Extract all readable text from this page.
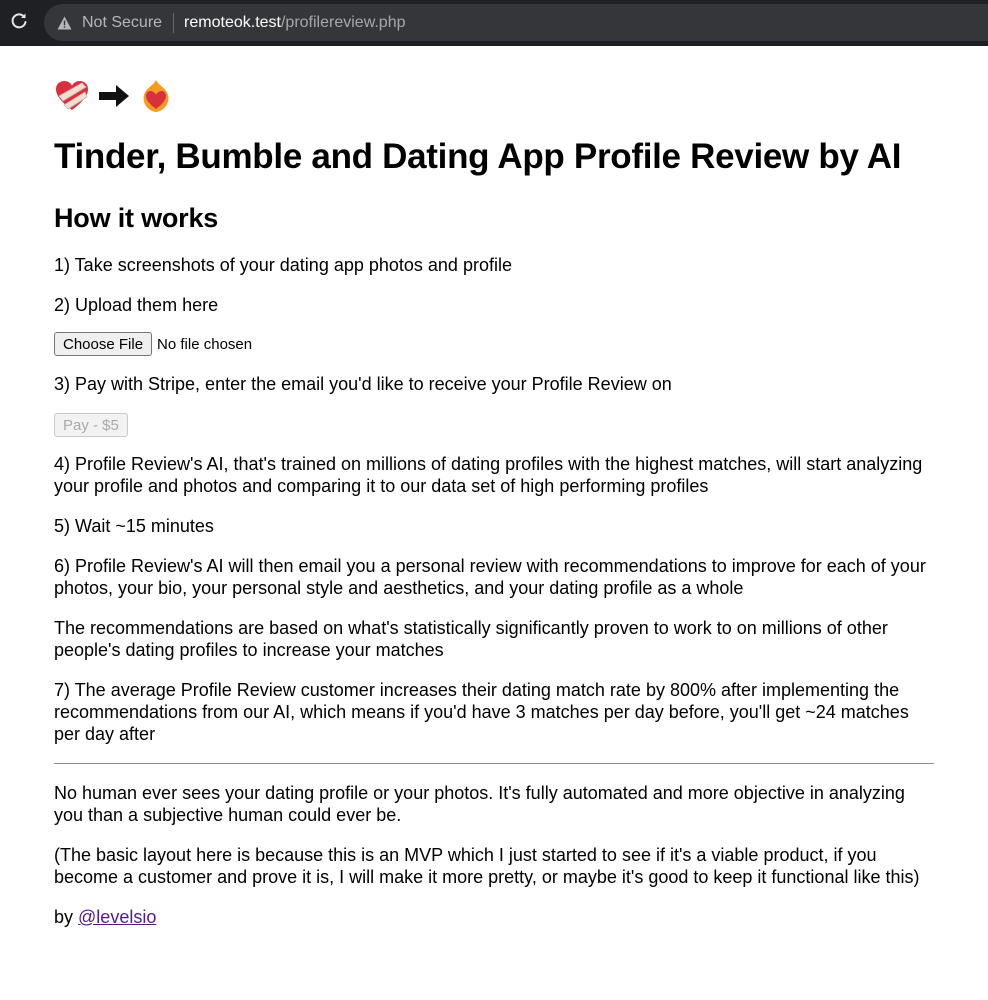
Not Secure remoteok.test /profilereview.php
Tinder, Bumble and Dating App Profile Review by AI
How it works

1) Take screenshots of your dating app photos and profile

2) Upload them here

Choose File No file chosen

3) Pay with Stripe, enter the email you'd like to receive your Profile Review on

Pay - $5

4) Profile Review's AI, that's trained on millions of dating profiles with the highest matches, will start analyzing your profile and photos and comparing it to our data set of high performing profiles

5) Wait ~15 minutes

6) Profile Review's AI will then email you a personal review with recommendations to improve for each of your photos, your bio, your personal style and aesthetics, and your dating profile as a whole

The recommendations are based on what's statistically significantly proven to work to on millions of other people's dating profiles to increase your matches

7) The average Profile Review customer increases their dating match rate by 800% after implementing the recommendations from our AI, which means if you'd have 3 matches per day before, you'll get ~24 matches per day after

No human ever sees your dating profile or your photos. It's fully automated and more objective in analyzing you than a subjective human could ever be.

(The basic layout here is because this is an MVP which I just started to see if it's a viable product, if you become a customer and prove it is, I will make it more pretty, or maybe it's good to keep it functional like this)

by @levelsio
